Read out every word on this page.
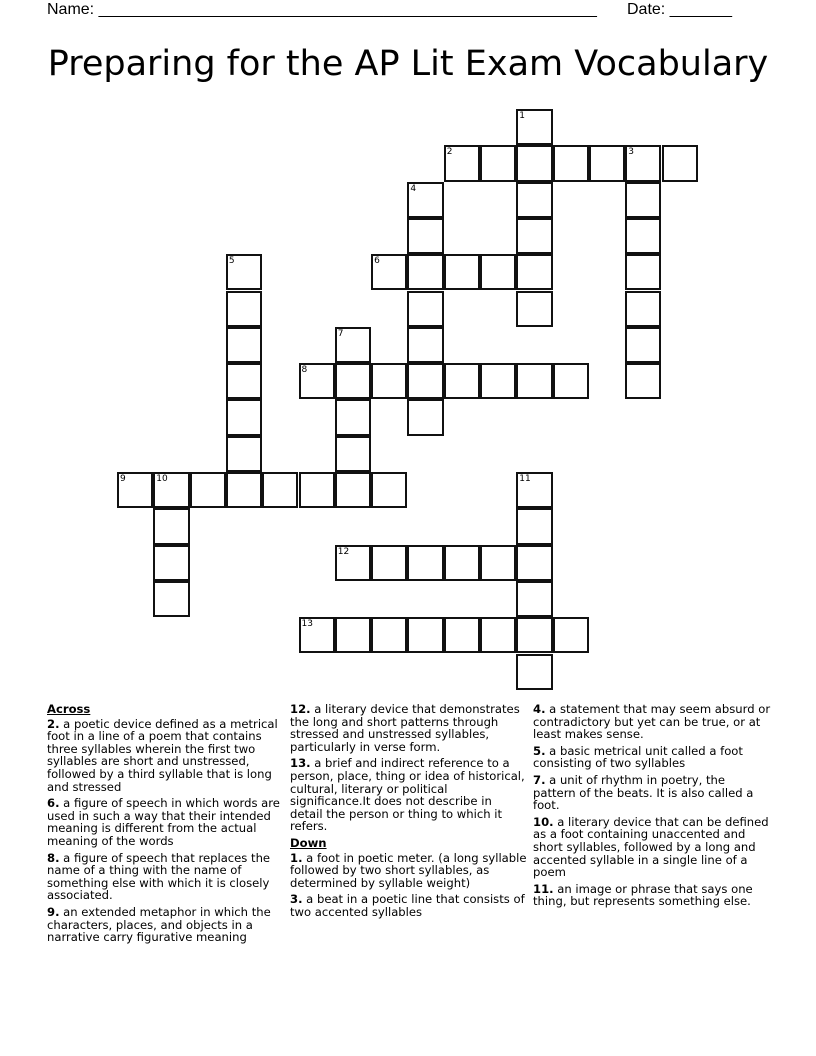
Name: ________________________________________________________	Date: _______
Preparing for the AP Lit Exam Vocabulary
1
2	3
4
5	6
7
8
9	10	11
12
13
Across
2. a poetic device defined as a metrical foot in a line of a poem that contains three syllables wherein the first two syllables are short and unstressed, followed by a third syllable that is long and stressed
6. a figure of speech in which words are used in such a way that their intended meaning is different from the actual meaning of the words
8. a figure of speech that replaces the name of a thing with the name of something else with which it is closely associated.
9. an extended metaphor in which the characters, places, and objects in a narrative carry figurative meaning
12. a literary device that demonstrates the long and short patterns through stressed and unstressed syllables, particularly in verse form.
13. a brief and indirect reference to a person, place, thing or idea of historical, cultural, literary or political significance.It does not describe in detail the person or thing to which it refers.
Down
1. a foot in poetic meter. (a long syllable followed by two short syllables, as determined by syllable weight)
3. a beat in a poetic line that consists of two accented syllables
4. a statement that may seem absurd or contradictory but yet can be true, or at least makes sense.
5. a basic metrical unit called a foot consisting of two syllables
7. a unit of rhythm in poetry, the pattern of the beats. It is also called a foot.
10. a literary device that can be defined as a foot containing unaccented and short syllables, followed by a long and accented syllable in a single line of a poem
11. an image or phrase that says one thing, but represents something else.
